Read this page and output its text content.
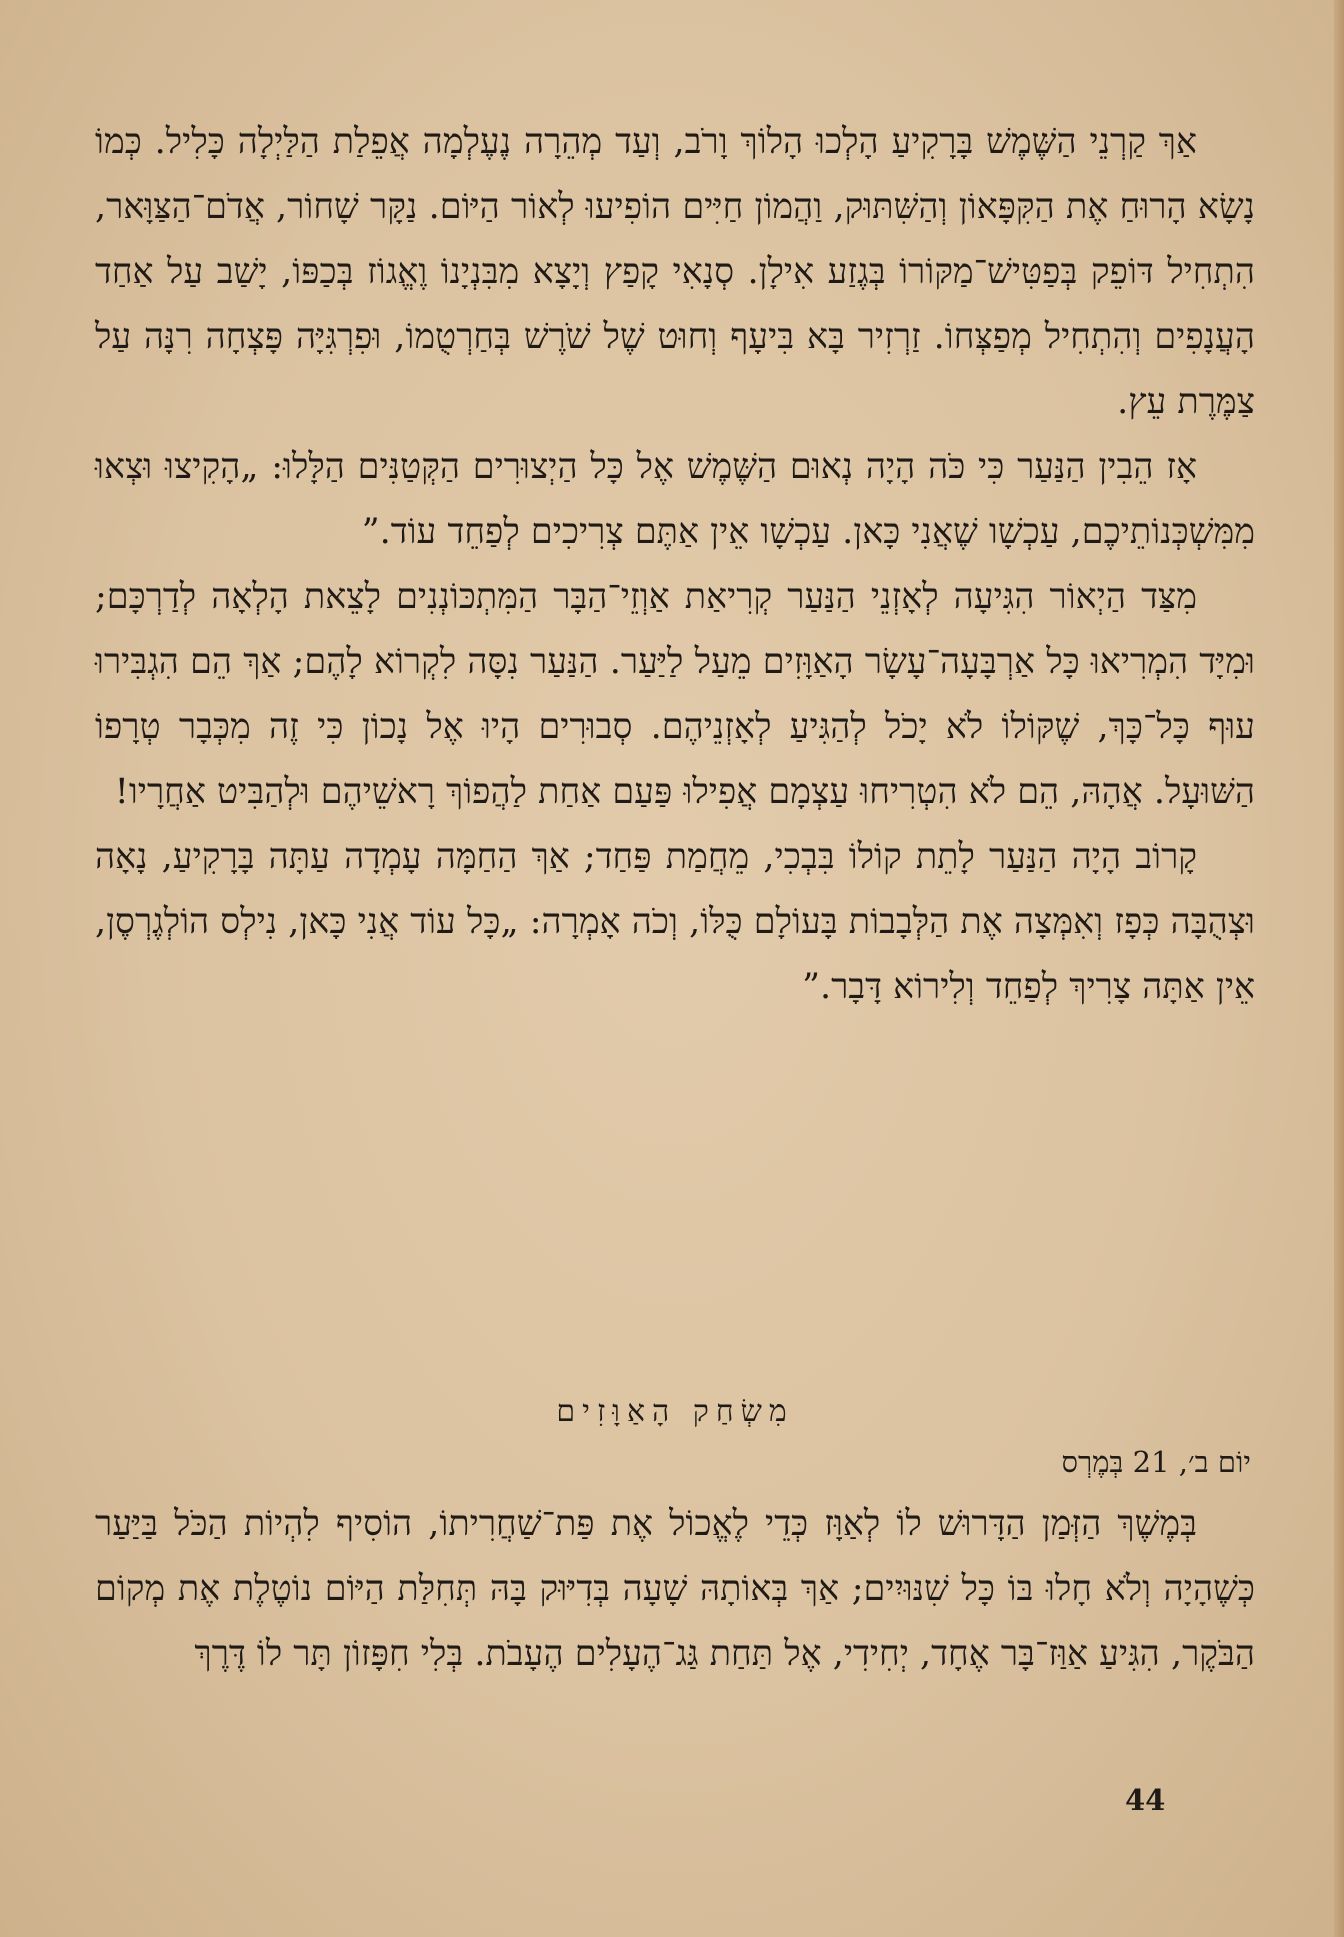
אַךְ קַרְנֵי הַשֶּׁמֶשׁ בָּרָקִיעַ הָלְכוּ הָלוֹךְ וָרֹב, וְעַד מְהֵרָה נֶעֶלְמָה אֲפֵלַת הַלַּיְלָה כָּלִיל. כְּמוֹ נָשָׂא הָרוּחַ אֶת הַקִּפָּאוֹן וְהַשִּׁתּוּק, וַהֲמוֹן חַיִּים הוֹפִיעוּ לְאוֹר הַיּוֹם. נַקָּר שָׁחוֹר, אֲדֹם־הַצַּוָּאר, הִתְחִיל דּוֹפֵק בְּפַטִּישׁ־מַקּוֹרוֹ בְּגֶזַע אִילָן. סְנָאִי קָפַץ וְיָצָא מִבִּנְיָנוֹ וֶאֱגוֹז בְּכַפּוֹ, יָשַׁב עַל אַחַד הָעֲנָפִים וְהִתְחִיל מְפַצְּחוֹ. זַרְזִיר בָּא בִּיעָף וְחוּט שֶׁל שֹׁרֶשׁ בְּחַרְטֻמוֹ, וּפִרְגִּיָּה פָּצְחָה רִנָּה עַל צַמֶּרֶת עֵץ.

אָז הֵבִין הַנַּעַר כִּי כֹּה הָיָה נְאוּם הַשֶּׁמֶשׁ אֶל כָּל הַיְצוּרִים הַקְּטַנִּים הַלָּלוּ: „הָקִיצוּ וּצְאוּ מִמִּשְׁכְּנוֹתֵיכֶם, עַכְשָׁו שֶׁאֲנִי כָּאן. עַכְשָׁו אֵין אַתֶּם צְרִיכִים לְפַחֵד עוֹד.”

מִצַּד הַיְאוֹר הִגִּיעָה לְאָזְנֵי הַנַּעַר קְרִיאַת אַוְזֵי־הַבָּר הַמִּתְכּוֹנְנִים לָצֵאת הָלְאָה לְדַרְכָּם; וּמִיָּד הִמְרִיאוּ כָּל אַרְבָּעָה־עָשָׂר הָאַוָּזִים מֵעַל לַיַּעַר. הַנַּעַר נִסָּה לִקְרוֹא לָהֶם; אַךְ הֵם הִגְבִּירוּ עוּף כָּל־כָּךְ, שֶׁקּוֹלוֹ לֹא יָכֹל לְהַגִּיעַ לְאָזְנֵיהֶם. סְבוּרִים הָיוּ אֶל נָכוֹן כִּי זֶה מִכְּבָר טְרָפוֹ הַשּׁוּעָל. אֲהָהּ, הֵם לֹא הִטְרִיחוּ עַצְמָם אֲפִילוּ פַּעַם אַחַת לַהֲפוֹךְ רָאשֵׁיהֶם וּלְהַבִּיט אַחֲרָיו!

קָרוֹב הָיָה הַנַּעַר לָתֵת קוֹלוֹ בִּבְכִי, מֵחֲמַת פַּחַד; אַךְ הַחַמָּה עָמְדָה עַתָּה בָּרָקִיעַ, נָאָה וּצְהֻבָּה כְּפָז וְאִמְּצָה אֶת הַלְּבָבוֹת בָּעוֹלָם כֻּלּוֹ, וְכֹה אָמְרָה: „כָּל עוֹד אֲנִי כָּאן, נִילְס הוֹלְגֶרְסֶן, אֵין אַתָּה צָרִיךְ לְפַחֵד וְלִירוֹא דָּבָר.”

מִשְׂחַק הָאַוָּזִים
יוֹם ב׳, 21 בְּמֶרְס

בְּמֶשֶׁךְ הַזְּמַן הַדָּרוּשׁ לוֹ לְאַוָּז כְּדֵי לֶאֱכוֹל אֶת פַּת־שַׁחֲרִיתוֹ, הוֹסִיף לִהְיוֹת הַכֹּל בַּיַּעַר כְּשֶׁהָיָה וְלֹא חָלוּ בּוֹ כָּל שִׁנּוּיִים; אַךְ בְּאוֹתָהּ שָׁעָה בְּדִיּוּק בָּהּ תְּחִלַּת הַיּוֹם נוֹטֶלֶת אֶת מְקוֹם הַבֹּקֶר, הִגִּיעַ אַוַּז־בָּר אֶחָד, יְחִידִי, אֶל תַּחַת גַּג־הֶעָלִים הֶעָבֹת. בְּלִי חִפָּזוֹן תָּר לוֹ דֶּרֶךְ

44
